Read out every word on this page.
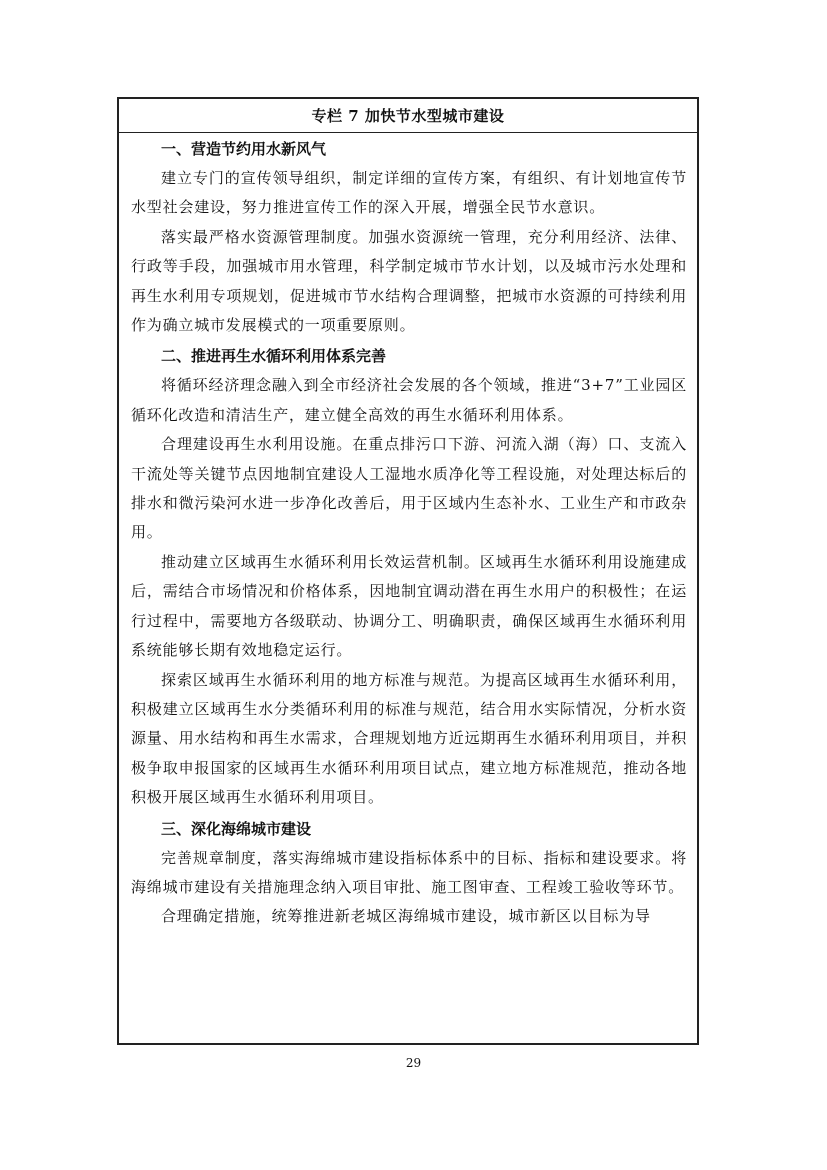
专栏 7 加快节水型城市建设
一、营造节约用水新风气

建立专门的宣传领导组织，制定详细的宣传方案，有组织、有计划地宣传节水型社会建设，努力推进宣传工作的深入开展，增强全民节水意识。

落实最严格水资源管理制度。加强水资源统一管理，充分利用经济、法律、行政等手段，加强城市用水管理，科学制定城市节水计划，以及城市污水处理和再生水利用专项规划，促进城市节水结构合理调整，把城市水资源的可持续利用作为确立城市发展模式的一项重要原则。

二、推进再生水循环利用体系完善

将循环经济理念融入到全市经济社会发展的各个领域，推进“3+7”工业园区循环化改造和清洁生产，建立健全高效的再生水循环利用体系。

合理建设再生水利用设施。在重点排污口下游、河流入湖（海）口、支流入干流处等关键节点因地制宜建设人工湿地水质净化等工程设施，对处理达标后的排水和微污染河水进一步净化改善后，用于区域内生态补水、工业生产和市政杂用。

推动建立区域再生水循环利用长效运营机制。区域再生水循环利用设施建成后，需结合市场情况和价格体系，因地制宜调动潜在再生水用户的积极性；在运行过程中，需要地方各级联动、协调分工、明确职责，确保区域再生水循环利用系统能够长期有效地稳定运行。

探索区域再生水循环利用的地方标准与规范。为提高区域再生水循环利用，积极建立区域再生水分类循环利用的标准与规范，结合用水实际情况，分析水资源量、用水结构和再生水需求，合理规划地方近远期再生水循环利用项目，并积极争取申报国家的区域再生水循环利用项目试点，建立地方标准规范，推动各地积极开展区域再生水循环利用项目。

三、深化海绵城市建设

完善规章制度，落实海绵城市建设指标体系中的目标、指标和建设要求。将海绵城市建设有关措施理念纳入项目审批、施工图审查、工程竣工验收等环节。

合理确定措施，统筹推进新老城区海绵城市建设，城市新区以目标为导

29
